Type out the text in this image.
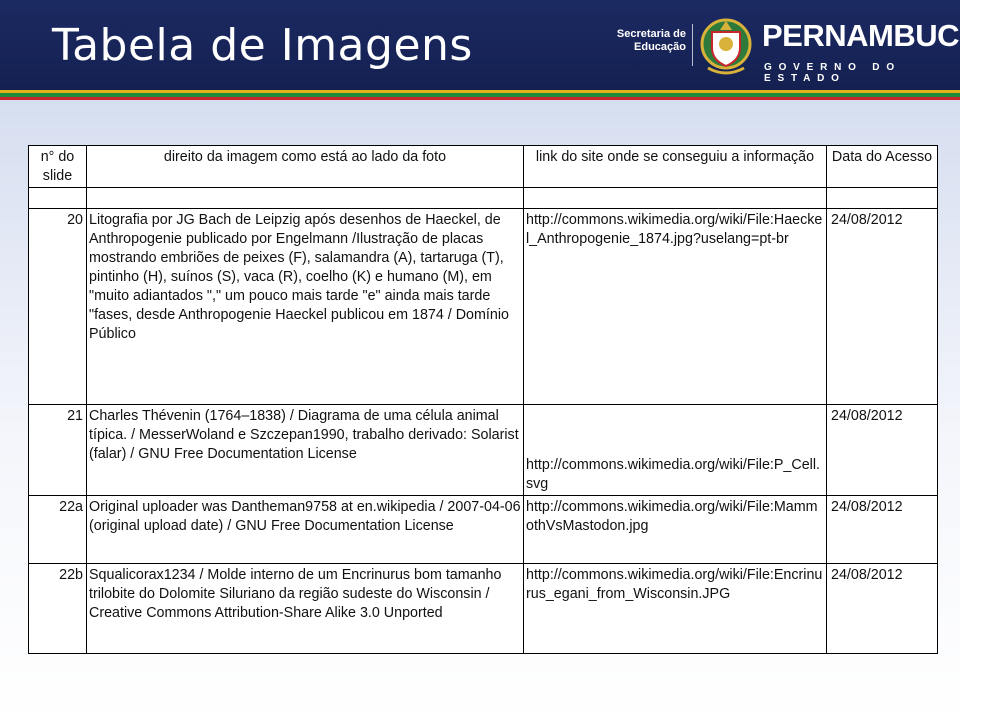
Tabela de Imagens	Secretaria de
Educação PERNAMBUCO
GOVERNO DO ESTADO
n° do slide	direito da imagem como está ao lado da foto	link do site onde se conseguiu a informação	Data do Acesso

20	Litografia por JG Bach de Leipzig após desenhos de Haeckel, de Anthropogenie publicado por Engelmann /Ilustração de placas mostrando embriões de peixes (F), salamandra (A), tartaruga (T), pintinho (H), suínos (S), vaca (R), coelho (K) e humano (M), em "muito adiantados "," um pouco mais tarde "e" ainda mais tarde "fases, desde Anthropogenie Haeckel publicou em 1874 / Domínio Público	http://commons.wikimedia.org/wiki/File:Haeckel_Anthropogenie_1874.jpg?uselang=pt-br	24/08/2012
21	Charles Thévenin (1764–1838) / Diagrama de uma célula animal típica. / MesserWoland e Szczepan1990, trabalho derivado: Solarist (falar) / GNU Free Documentation License	http://commons.wikimedia.org/wiki/File:P_Cell.svg	24/08/2012
22a	Original uploader was Dantheman9758 at en.wikipedia / 2007-04-06 (original upload date) / GNU Free Documentation License	http://commons.wikimedia.org/wiki/File:MammothVsMastodon.jpg	24/08/2012
22b	Squalicorax1234 / Molde interno de um Encrinurus bom tamanho trilobite do Dolomite Siluriano da região sudeste do Wisconsin / Creative Commons Attribution-Share Alike 3.0 Unported	http://commons.wikimedia.org/wiki/File:Encrinurus_egani_from_Wisconsin.JPG	24/08/2012
